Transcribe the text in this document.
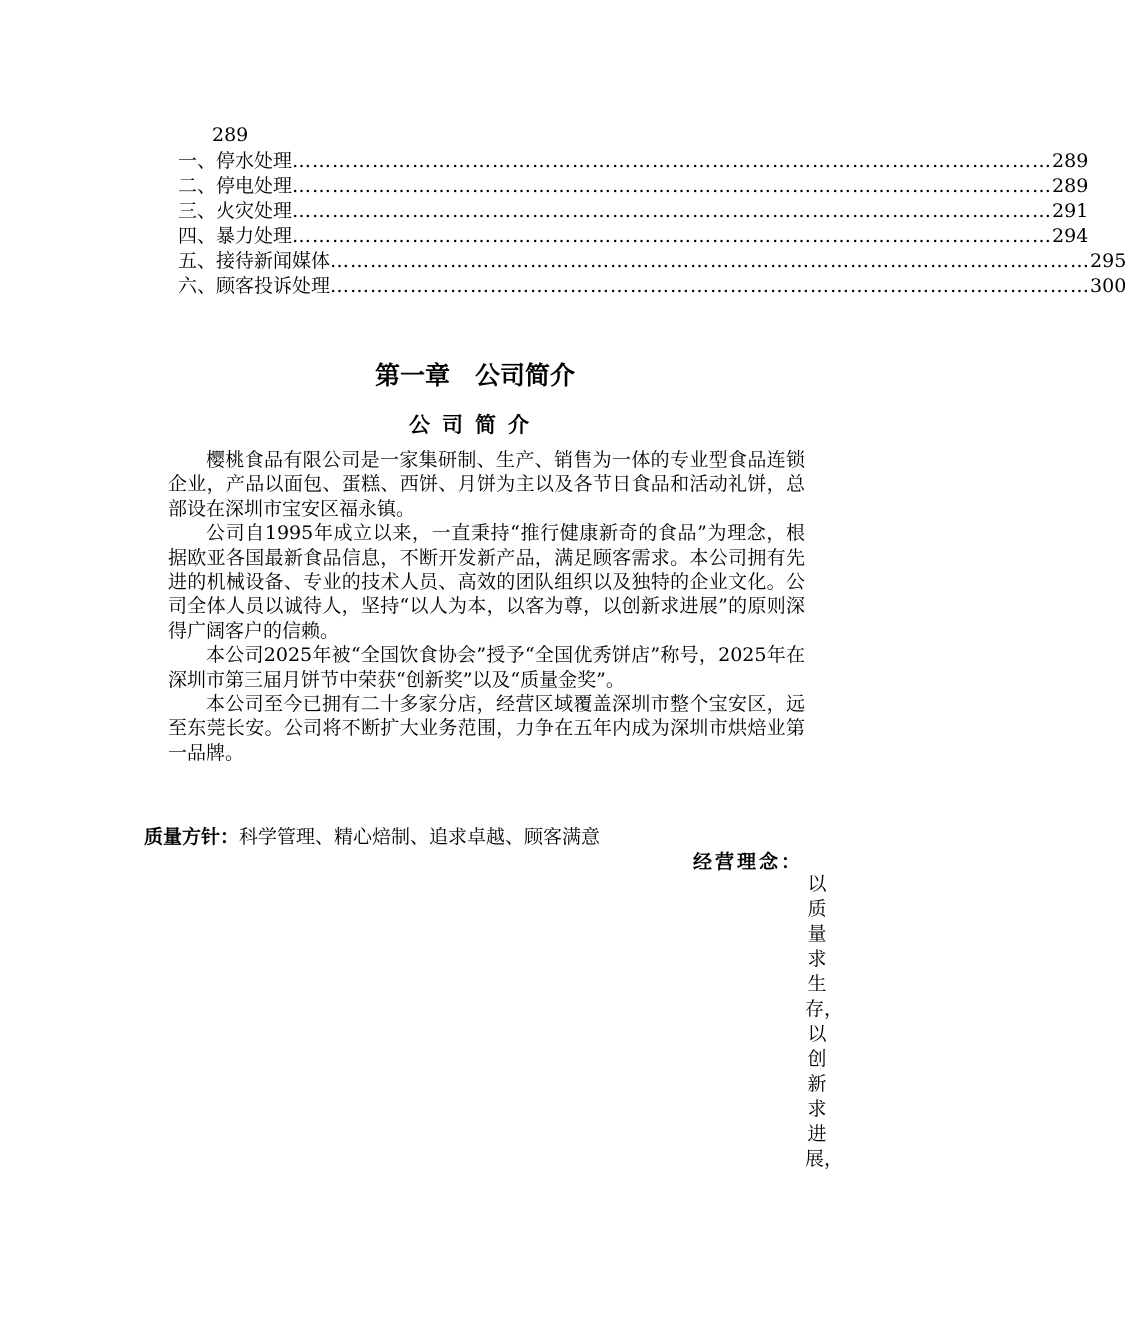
289
一、 停水处理 …………………………………………………………………………………………………… 289
二、 停电处理 …………………………………………………………………………………………………… 289
三、 火灾处理 …………………………………………………………………………………………………… 291
四、 暴力处理 …………………………………………………………………………………………………… 294
五、 接待新闻媒体 …………………………………………………………………………………………………… 295
六、 顾客投诉处理 …………………………………………………………………………………………………… 300
第一章　公司简介
公司简介

樱桃食品有限公司是一家集研制、生产、销售为一体的专业型食品连锁企业，产品以面包、蛋糕、西饼、月饼为主以及各节日食品和活动礼饼，总部设在深圳市宝安区福永镇。

公司自1995年成立以来，一直秉持“推行健康新奇的食品”为理念，根据欧亚各国最新食品信息，不断开发新产品，满足顾客需求。本公司拥有先进的机械设备、专业的技术人员、高效的团队组织以及独特的企业文化。公司全体人员以诚待人，坚持“以人为本，以客为尊，以创新求进展”的原则深得广阔客户的信赖。

本公司2025年被“全国饮食协会”授予“全国优秀饼店”称号，2025年在深圳市第三届月饼节中荣获“创新奖”以及“质量金奖”。

本公司至今已拥有二十多家分店，经营区域覆盖深圳市整个宝安区，远至东莞长安。公司将不断扩大业务范围，力争在五年内成为深圳市烘焙业第一品牌。

质量方针：科学管理、精心焙制、追求卓越、顾客满意
经营理念：
以质量求生存，以创新求进展，
